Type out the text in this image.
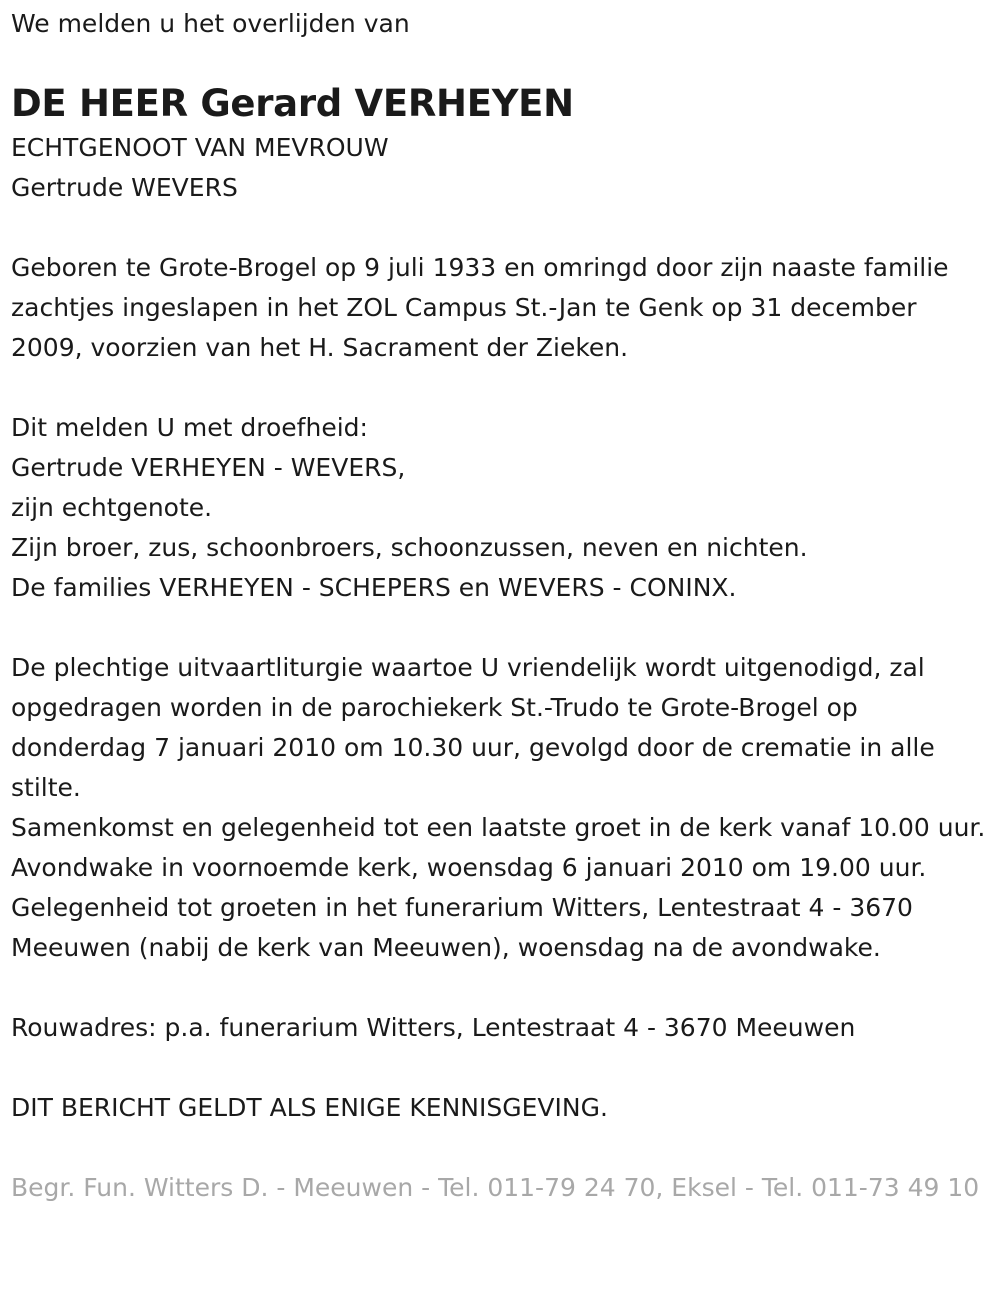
We melden u het overlijden van

DE HEER Gerard VERHEYEN

ECHTGENOOT VAN MEVROUW

Gertrude WEVERS

Geboren te Grote-Brogel op 9 juli 1933 en omringd door zijn naaste familie zachtjes ingeslapen in het ZOL Campus St.-Jan te Genk op 31 december 2009, voorzien van het H. Sacrament der Zieken.

Dit melden U met droefheid:

Gertrude VERHEYEN - WEVERS,

zijn echtgenote.

Zijn broer, zus, schoonbroers, schoonzussen, neven en nichten.

De families VERHEYEN - SCHEPERS en WEVERS - CONINX.

De plechtige uitvaartliturgie waartoe U vriendelijk wordt uitgenodigd, zal opgedragen worden in de parochiekerk St.-Trudo te Grote-Brogel op donderdag 7 januari 2010 om 10.30 uur, gevolgd door de crematie in alle stilte.

Samenkomst en gelegenheid tot een laatste groet in de kerk vanaf 10.00 uur.

Avondwake in voornoemde kerk, woensdag 6 januari 2010 om 19.00 uur.

Gelegenheid tot groeten in het funerarium Witters, Lentestraat 4 - 3670 Meeuwen (nabij de kerk van Meeuwen), woensdag na de avondwake.

Rouwadres: p.a. funerarium Witters, Lentestraat 4 - 3670 Meeuwen

DIT BERICHT GELDT ALS ENIGE KENNISGEVING.

Begr. Fun. Witters D. - Meeuwen - Tel. 011-79 24 70, Eksel - Tel. 011-73 49 10
